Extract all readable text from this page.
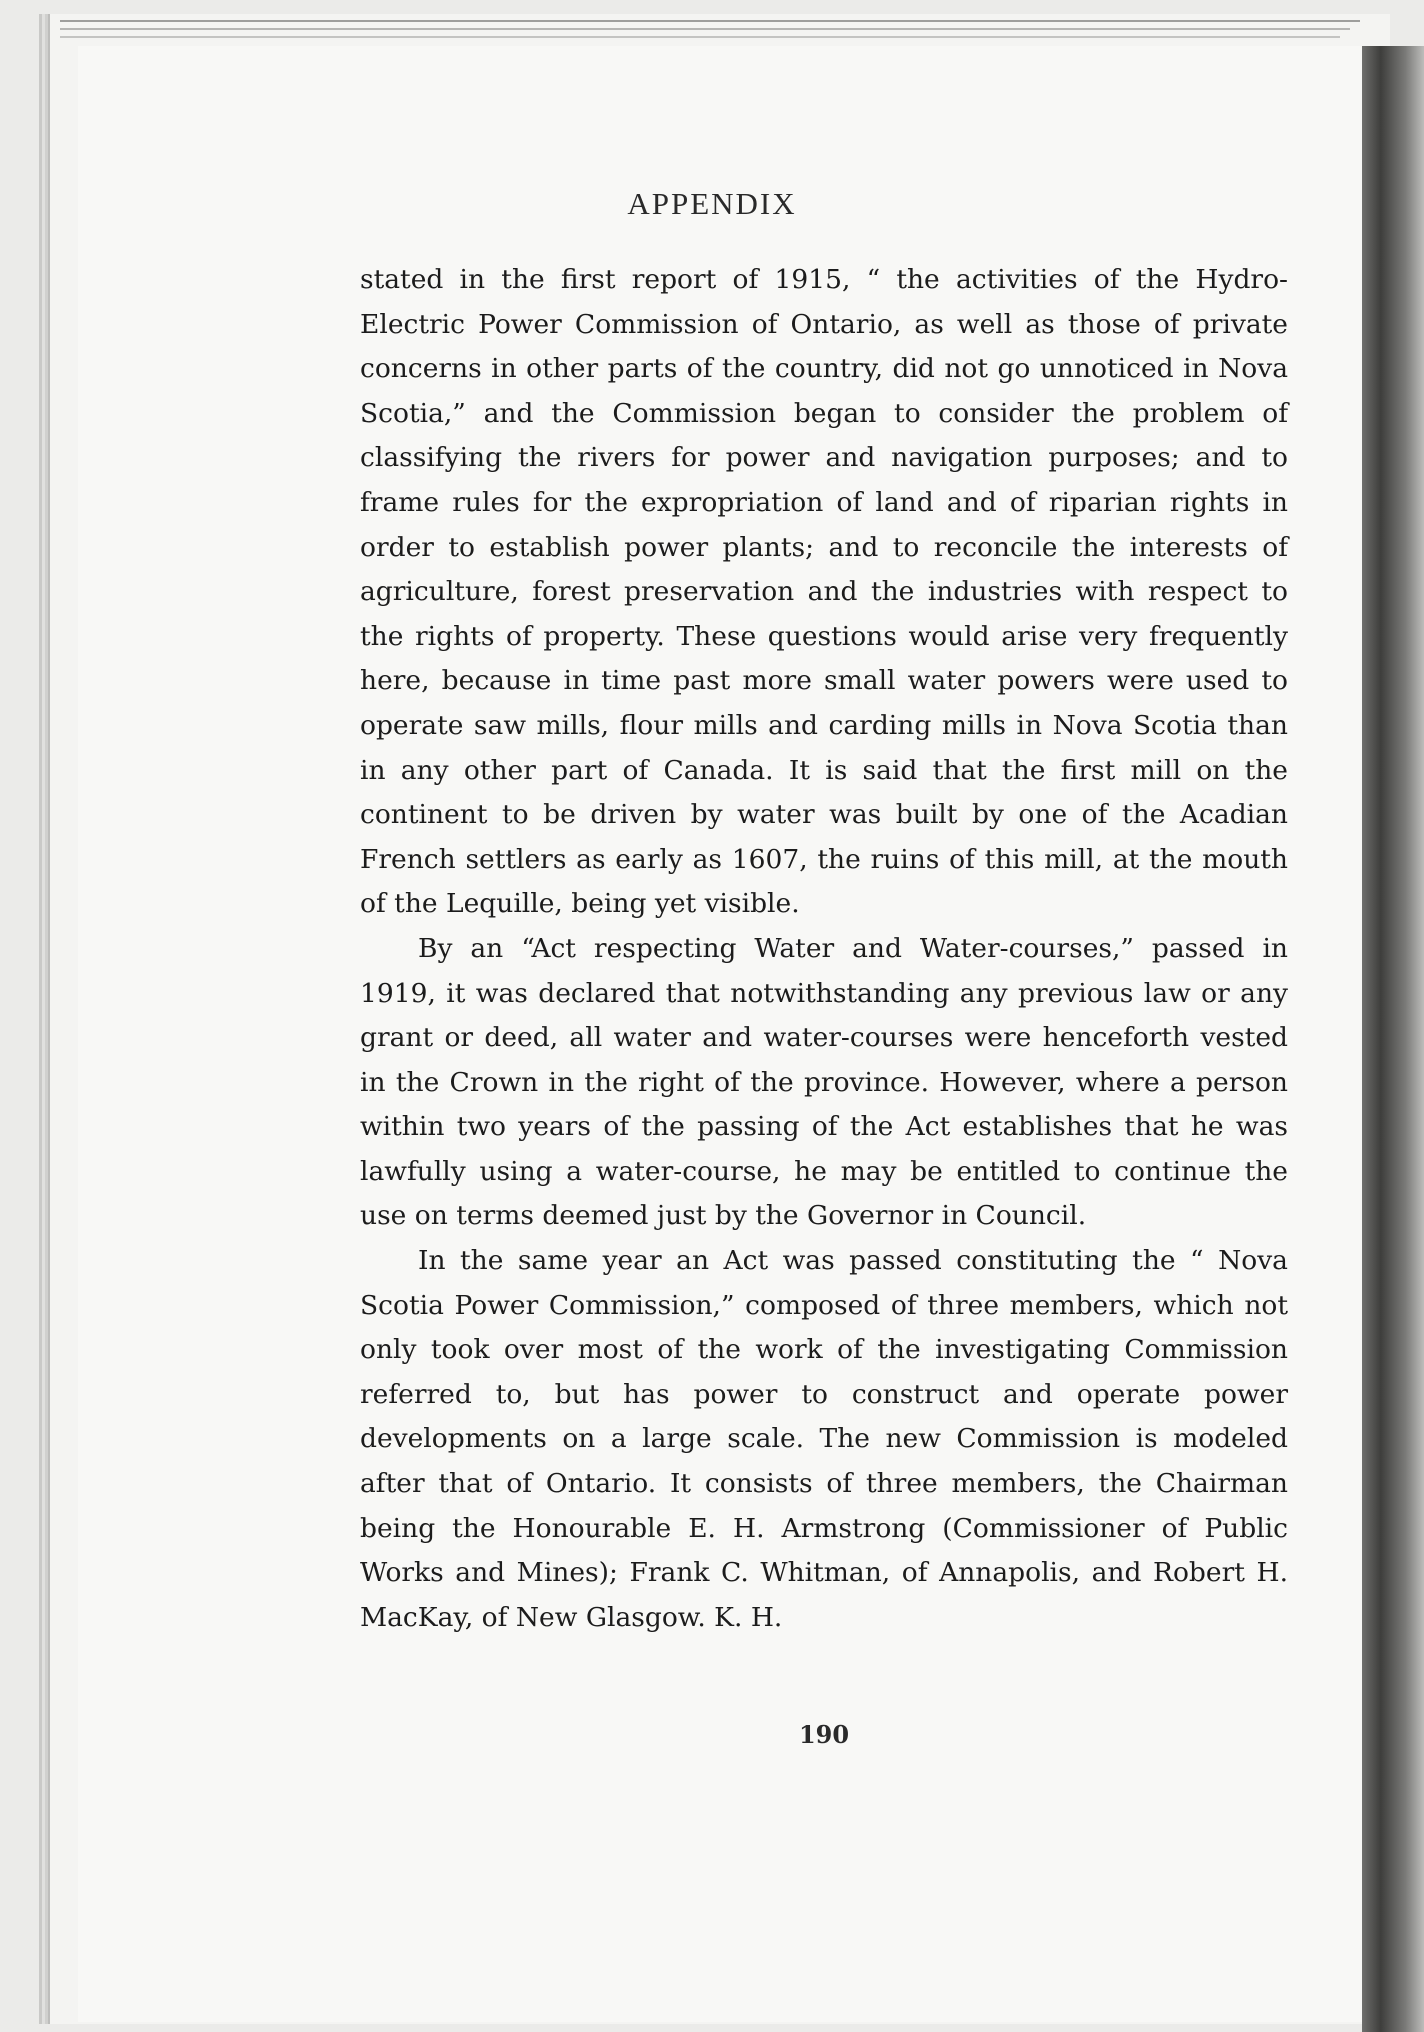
APPENDIX

stated in the first report of 1915, “ the activities of the Hydro-Electric Power Commission of Ontario, as well as those of private concerns in other parts of the country, did not go unnoticed in Nova Scotia,” and the Commission began to consider the problem of classifying the rivers for power and navigation purposes; and to frame rules for the expropriation of land and of riparian rights in order to establish power plants; and to reconcile the interests of agriculture, forest preservation and the industries with respect to the rights of property. These questions would arise very frequently here, because in time past more small water powers were used to operate saw mills, flour mills and carding mills in Nova Scotia than in any other part of Canada. It is said that the first mill on the continent to be driven by water was built by one of the Acadian French settlers as early as 1607, the ruins of this mill, at the mouth of the Lequille, being yet visible.

By an “Act respecting Water and Water-courses,” passed in 1919, it was declared that notwithstanding any previous law or any grant or deed, all water and water-courses were henceforth vested in the Crown in the right of the province. However, where a person within two years of the passing of the Act establishes that he was lawfully using a water-course, he may be entitled to continue the use on terms deemed just by the Governor in Council.

In the same year an Act was passed constituting the “ Nova Scotia Power Commission,” composed of three members, which not only took over most of the work of the investigating Commission referred to, but has power to construct and operate power developments on a large scale. The new Commission is modeled after that of Ontario. It consists of three members, the Chairman being the Honourable E. H. Armstrong (Commissioner of Public Works and Mines); Frank C. Whitman, of Annapolis, and Robert H. MacKay, of New Glasgow. K. H.

190
